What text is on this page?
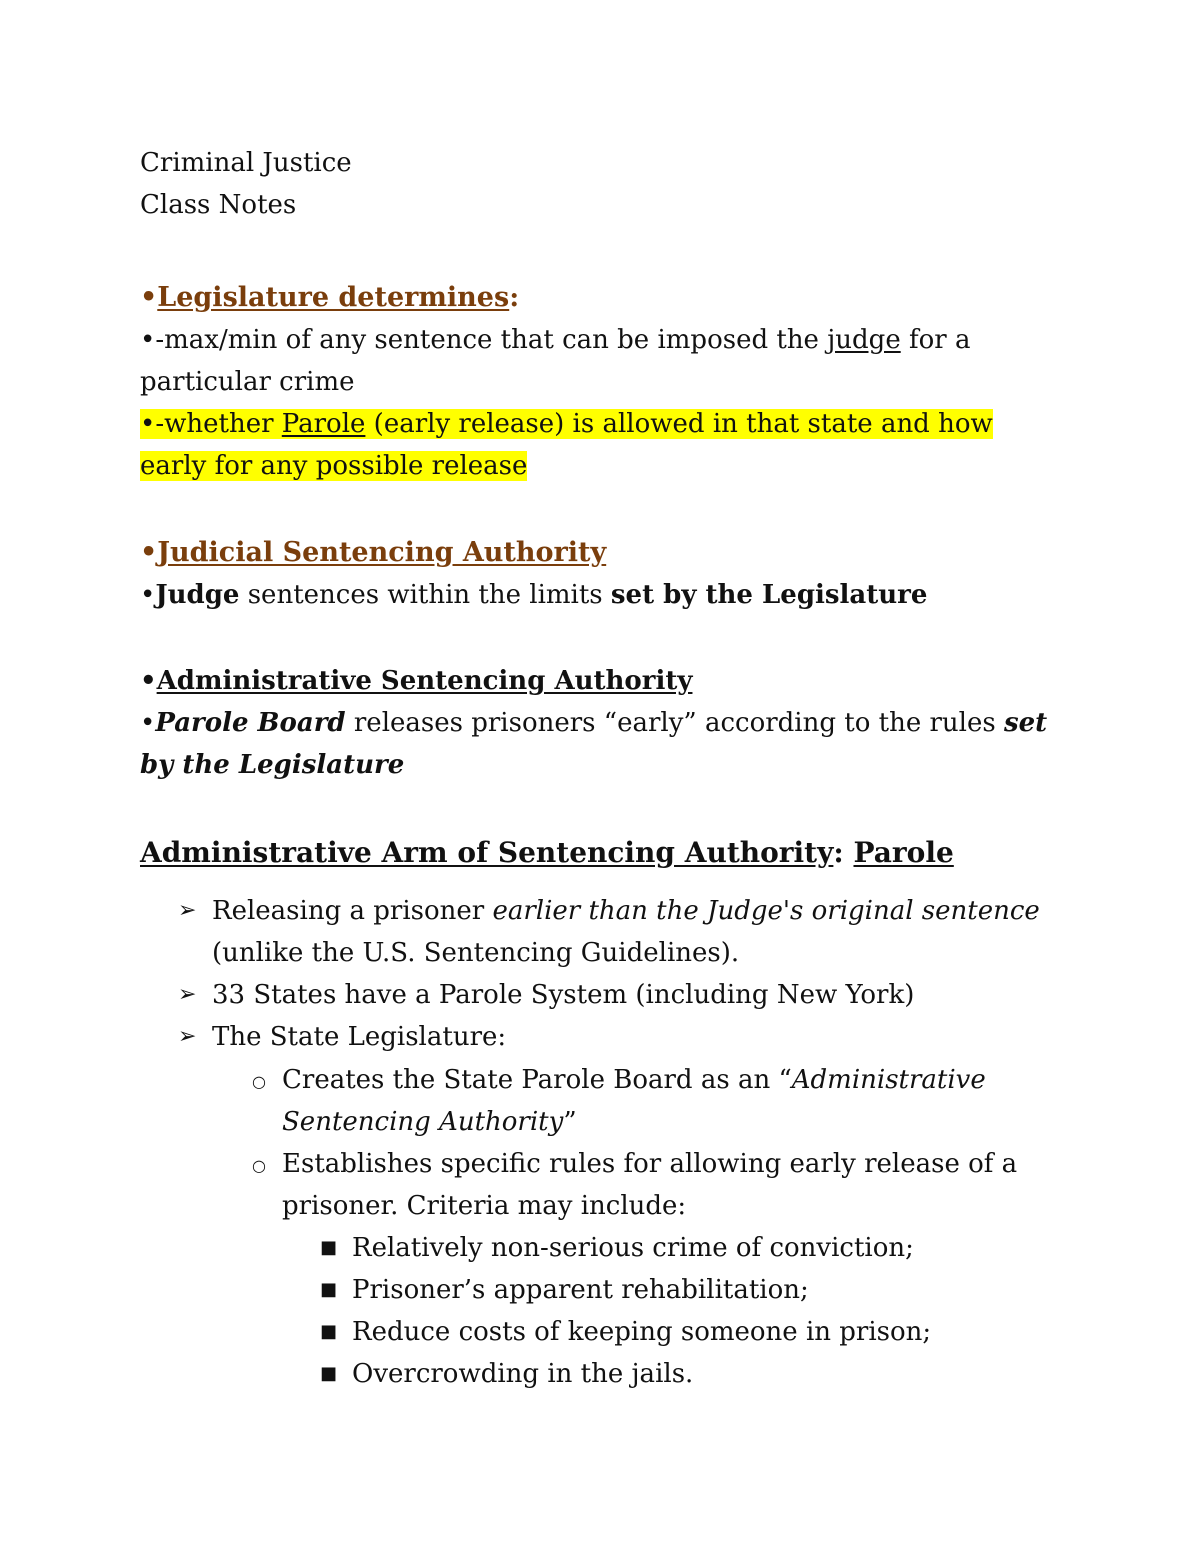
Criminal Justice

Class Notes

•Legislature determines:

•-max/min of any sentence that can be imposed the judge for a particular crime

•-whether Parole (early release) is allowed in that state and how early for any possible release

•Judicial Sentencing Authority

•Judge sentences within the limits set by the Legislature

•Administrative Sentencing Authority

•Parole Board releases prisoners “early” according to the rules set by the Legislature

Administrative Arm of Sentencing Authority: Parole

➢ Releasing a prisoner earlier than the Judge's original sentence (unlike the U.S. Sentencing Guidelines).
➢ 33 States have a Parole System (including New York)
➢ The State Legislature:
○ Creates the State Parole Board as an “Administrative Sentencing Authority”
○ Establishes specific rules for allowing early release of a prisoner. Criteria may include:
■ Relatively non-serious crime of conviction;
■ Prisoner’s apparent rehabilitation;
■ Reduce costs of keeping someone in prison;
■ Overcrowding in the jails.
